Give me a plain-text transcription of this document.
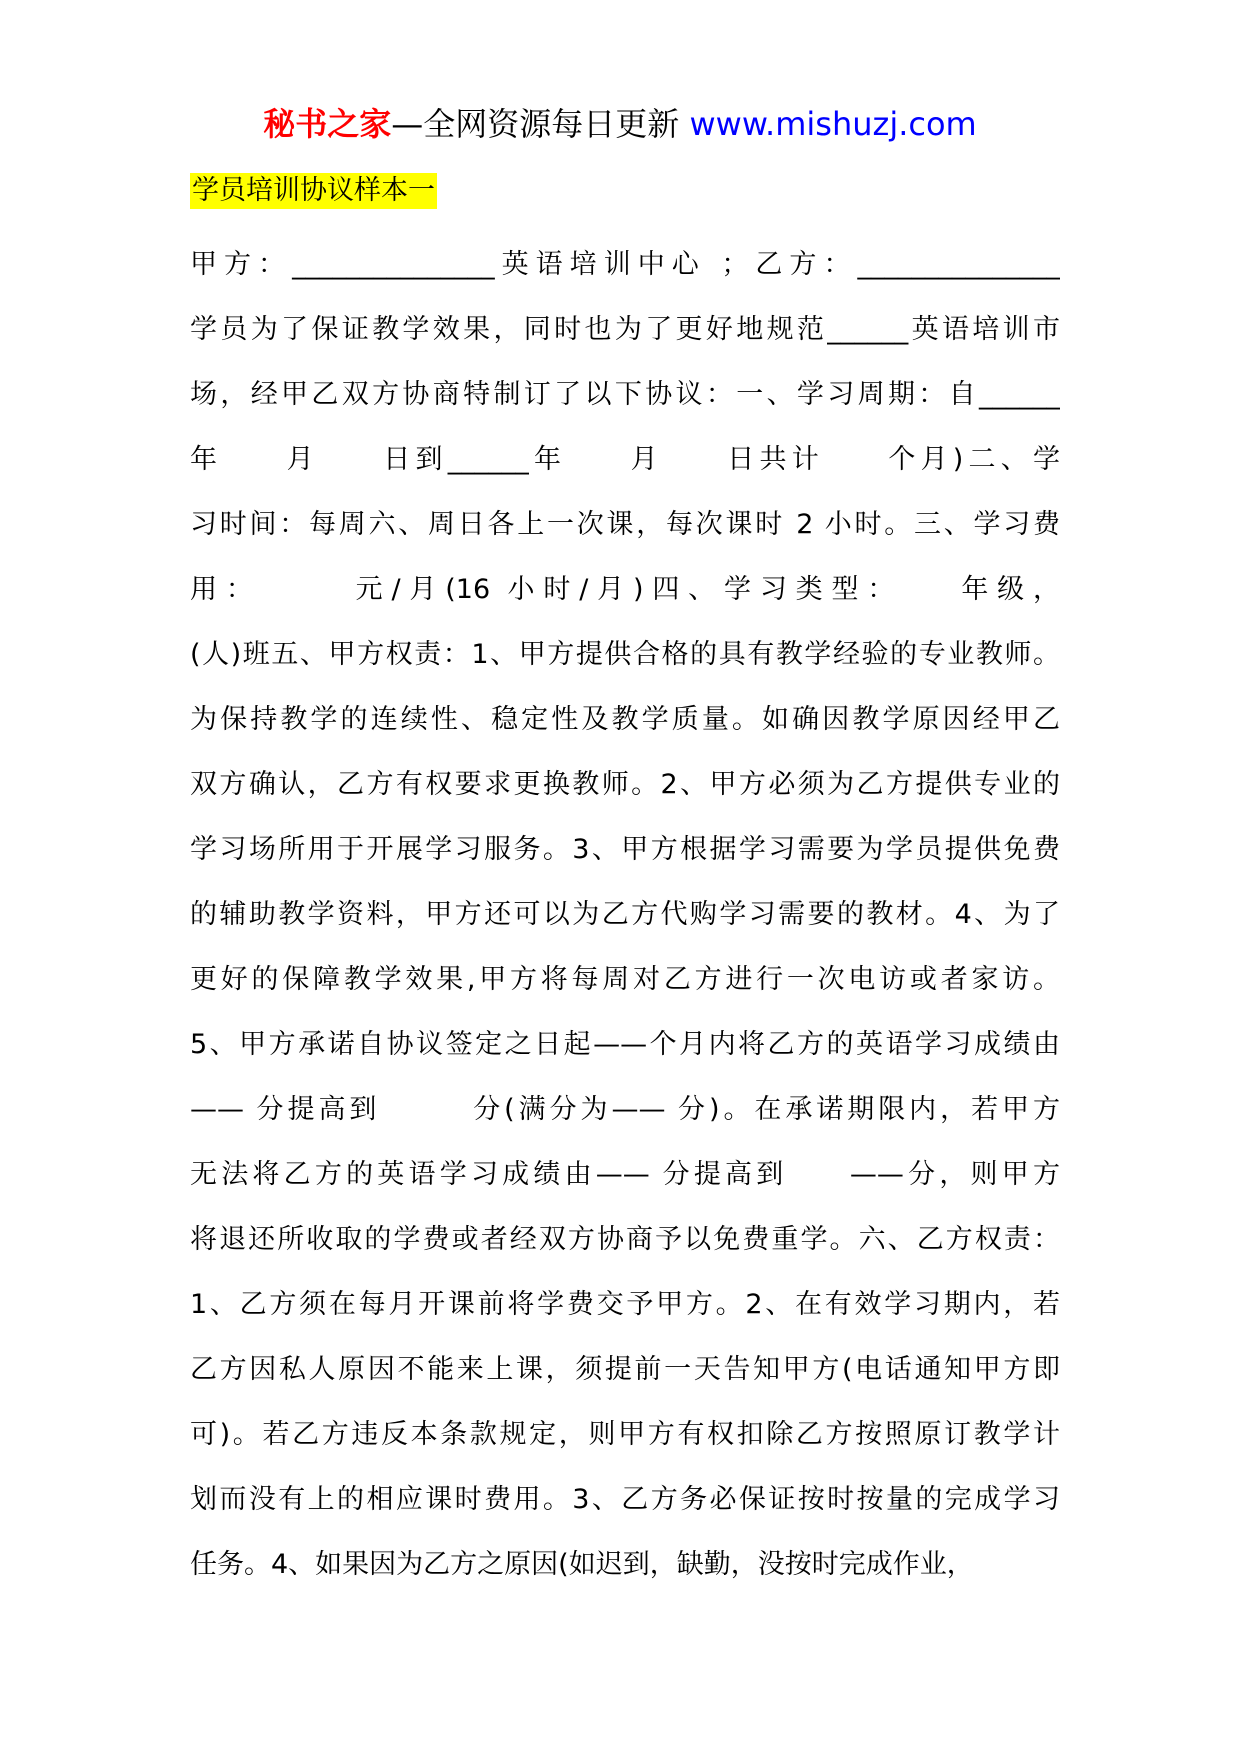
秘书之家—全网资源每日更新 www.mishuzj.com
学员培训协议样本一
甲方：_______________英语培训中心 ；乙方：_______________
学员为了保证教学效果，同时也为了更好地规范______英语培训市
场，经甲乙双方协商特制订了以下协议：一、学习周期：自______
年　　月　　日到______年　　月　　日共计　　个月)二、学
习时间：每周六、周日各上一次课，每次课时 2 小时。三、学习费
用：　　　元/月(16 小时/月)四、学习类型：　　年级，
(人)班五、甲方权责：1、甲方提供合格的具有教学经验的专业教师。
为保持教学的连续性、稳定性及教学质量。如确因教学原因经甲乙
双方确认，乙方有权要求更换教师。2、甲方必须为乙方提供专业的
学习场所用于开展学习服务。3、甲方根据学习需要为学员提供免费
的辅助教学资料，甲方还可以为乙方代购学习需要的教材。4、为了
更好的保障教学效果,甲方将每周对乙方进行一次电访或者家访。
5、甲方承诺自协议签定之日起——个月内将乙方的英语学习成绩由
—— 分提高到　　　分(满分为—— 分)。在承诺期限内，若甲方
无法将乙方的英语学习成绩由—— 分提高到　　——分，则甲方
将退还所收取的学费或者经双方协商予以免费重学。六、乙方权责：
1、乙方须在每月开课前将学费交予甲方。2、在有效学习期内，若
乙方因私人原因不能来上课，须提前一天告知甲方(电话通知甲方即
可)。若乙方违反本条款规定，则甲方有权扣除乙方按照原订教学计
划而没有上的相应课时费用。3、乙方务必保证按时按量的完成学习
任务。4、如果因为乙方之原因(如迟到，缺勤，没按时完成作业，
